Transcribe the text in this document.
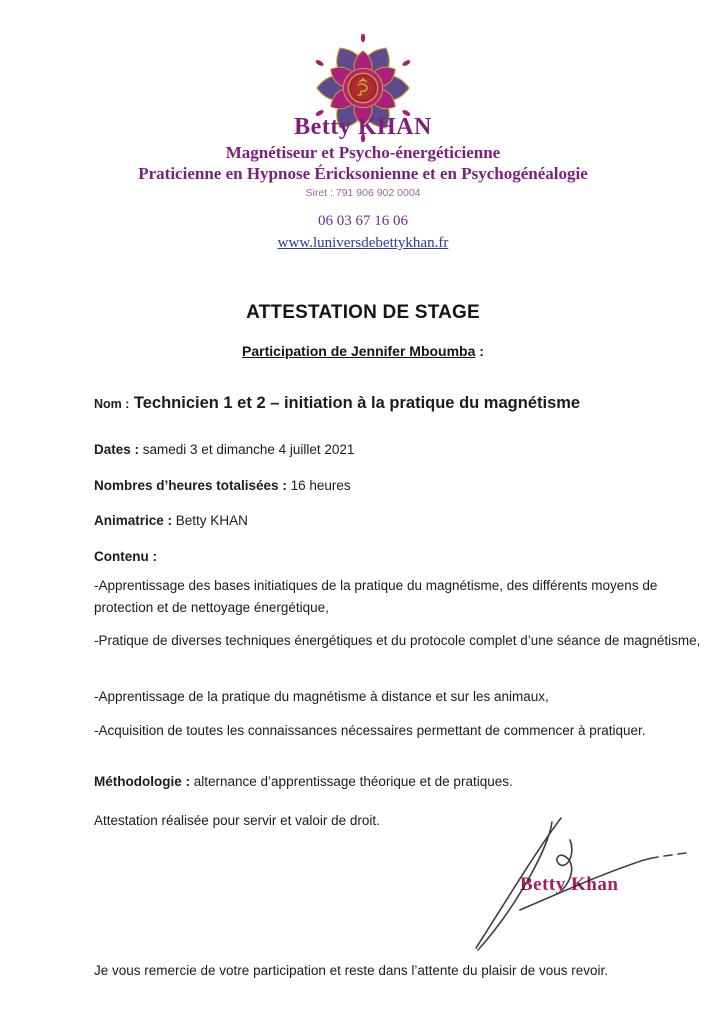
Betty KHAN
Magnétiseur et Psycho-énergéticienne
Praticienne en Hypnose Éricksonienne et en Psychogénéalogie
Siret : 791 906 902 0004
06 03 67 16 06
www.luniversdebettykhan.fr
ATTESTATION DE STAGE
Participation de Jennifer Mboumba :
Nom : Technicien 1 et 2 – initiation à la pratique du magnétisme
Dates : samedi 3 et dimanche 4 juillet 2021
Nombres d’heures totalisées : 16 heures
Animatrice : Betty KHAN
Contenu :
-Apprentissage des bases initiatiques de la pratique du magnétisme, des différents moyens de protection et de nettoyage énergétique,
-Pratique de diverses techniques énergétiques et du protocole complet d’une séance de magnétisme,
-Apprentissage de la pratique du magnétisme à distance et sur les animaux,
-Acquisition de toutes les connaissances nécessaires permettant de commencer à pratiquer.
Méthodologie : alternance d’apprentissage théorique et de pratiques.
Attestation réalisée pour servir et valoir de droit.
Betty Khan
Je vous remercie de votre participation et reste dans l’attente du plaisir de vous revoir.
